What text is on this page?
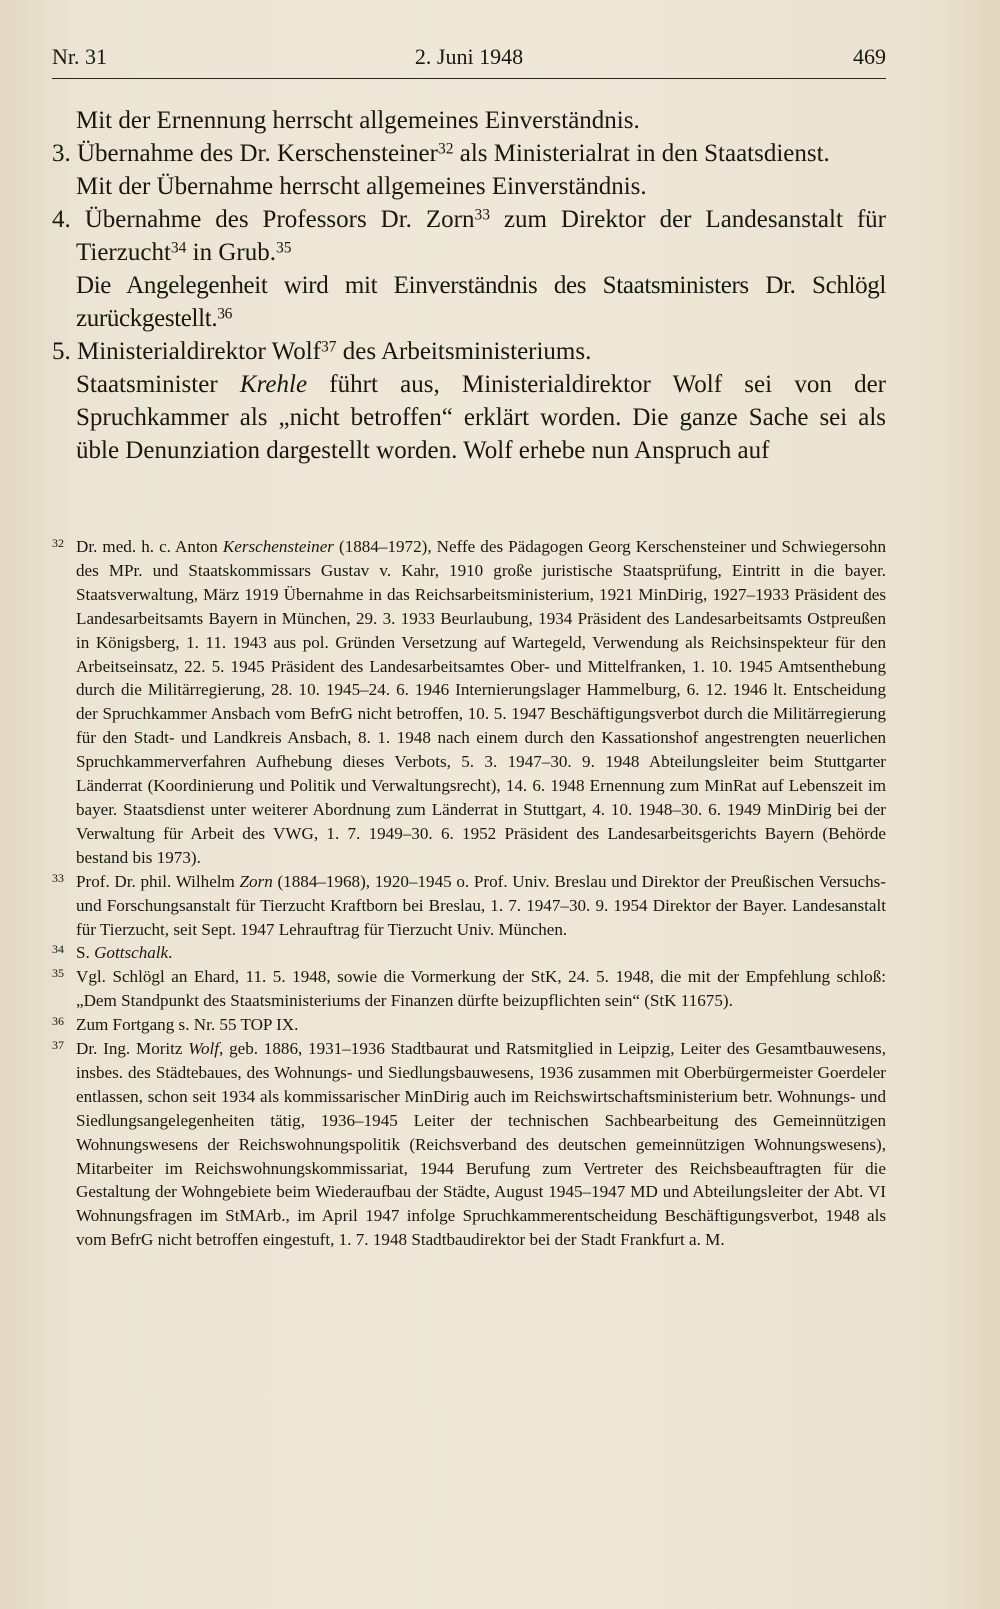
Nr. 31	2. Juni 1948	469

Mit der Ernennung herrscht allgemeines Einverständnis.

3. Übernahme des Dr. Kerschensteiner$^{32}$ als Ministerialrat in den Staatsdienst.

Mit der Übernahme herrscht allgemeines Einverständnis.

4. Übernahme des Professors Dr. Zorn$^{33}$ zum Direktor der Landesanstalt für Tierzucht$^{34}$ in Grub.$^{35}$

Die Angelegenheit wird mit Einverständnis des Staatsministers Dr. Schlögl zurückgestellt.$^{36}$

5. Ministerialdirektor Wolf$^{37}$ des Arbeitsministeriums.

Staatsminister Krehle führt aus, Ministerialdirektor Wolf sei von der Spruchkammer als „nicht betroffen“ erklärt worden. Die ganze Sache sei als üble Denunziation dargestellt worden. Wolf erhebe nun Anspruch auf

32 Dr. med. h. c. Anton Kerschensteiner (1884–1972), Neffe des Pädagogen Georg Kerschensteiner und Schwiegersohn des MPr. und Staatskommissars Gustav v. Kahr, 1910 große juristische Staatsprüfung, Eintritt in die bayer. Staatsverwaltung, März 1919 Übernahme in das Reichsarbeitsministerium, 1921 MinDirig, 1927–1933 Präsident des Landesarbeitsamts Bayern in München, 29. 3. 1933 Beurlaubung, 1934 Präsident des Landesarbeitsamts Ostpreußen in Königsberg, 1. 11. 1943 aus pol. Gründen Versetzung auf Wartegeld, Verwendung als Reichsinspekteur für den Arbeitseinsatz, 22. 5. 1945 Präsident des Landesarbeitsamtes Ober- und Mittelfranken, 1. 10. 1945 Amtsenthebung durch die Militärregierung, 28. 10. 1945–24. 6. 1946 Internierungslager Hammelburg, 6. 12. 1946 lt. Entscheidung der Spruchkammer Ansbach vom BefrG nicht betroffen, 10. 5. 1947 Beschäftigungsverbot durch die Militärregierung für den Stadt- und Landkreis Ansbach, 8. 1. 1948 nach einem durch den Kassationshof angestrengten neuerlichen Spruchkammerverfahren Aufhebung dieses Verbots, 5. 3. 1947–30. 9. 1948 Abteilungsleiter beim Stuttgarter Länderrat (Koordinierung und Politik und Verwaltungsrecht), 14. 6. 1948 Ernennung zum MinRat auf Lebenszeit im bayer. Staatsdienst unter weiterer Abordnung zum Länderrat in Stuttgart, 4. 10. 1948–30. 6. 1949 MinDirig bei der Verwaltung für Arbeit des VWG, 1. 7. 1949–30. 6. 1952 Präsident des Landesarbeitsgerichts Bayern (Behörde bestand bis 1973).

33 Prof. Dr. phil. Wilhelm Zorn (1884–1968), 1920–1945 o. Prof. Univ. Breslau und Direktor der Preußischen Versuchs- und Forschungsanstalt für Tierzucht Kraftborn bei Breslau, 1. 7. 1947–30. 9. 1954 Direktor der Bayer. Landesanstalt für Tierzucht, seit Sept. 1947 Lehrauftrag für Tierzucht Univ. München.

34 S. Gottschalk.

35 Vgl. Schlögl an Ehard, 11. 5. 1948, sowie die Vormerkung der StK, 24. 5. 1948, die mit der Empfehlung schloß: „Dem Standpunkt des Staatsministeriums der Finanzen dürfte beizupflichten sein“ (StK 11675).

36 Zum Fortgang s. Nr. 55 TOP IX.

37 Dr. Ing. Moritz Wolf, geb. 1886, 1931–1936 Stadtbaurat und Ratsmitglied in Leipzig, Leiter des Gesamtbauwesens, insbes. des Städtebaues, des Wohnungs- und Siedlungsbauwesens, 1936 zusammen mit Oberbürgermeister Goerdeler entlassen, schon seit 1934 als kommissarischer MinDirig auch im Reichswirtschaftsministerium betr. Wohnungs- und Siedlungsangelegenheiten tätig, 1936–1945 Leiter der technischen Sachbearbeitung des Gemeinnützigen Wohnungswesens der Reichswohnungspolitik (Reichsverband des deutschen gemeinnützigen Wohnungswesens), Mitarbeiter im Reichswohnungskommissariat, 1944 Berufung zum Vertreter des Reichsbeauftragten für die Gestaltung der Wohngebiete beim Wiederaufbau der Städte, August 1945–1947 MD und Abteilungsleiter der Abt. VI Wohnungsfragen im StMArb., im April 1947 infolge Spruchkammerentscheidung Beschäftigungsverbot, 1948 als vom BefrG nicht betroffen eingestuft, 1. 7. 1948 Stadtbaudirektor bei der Stadt Frankfurt a. M.
